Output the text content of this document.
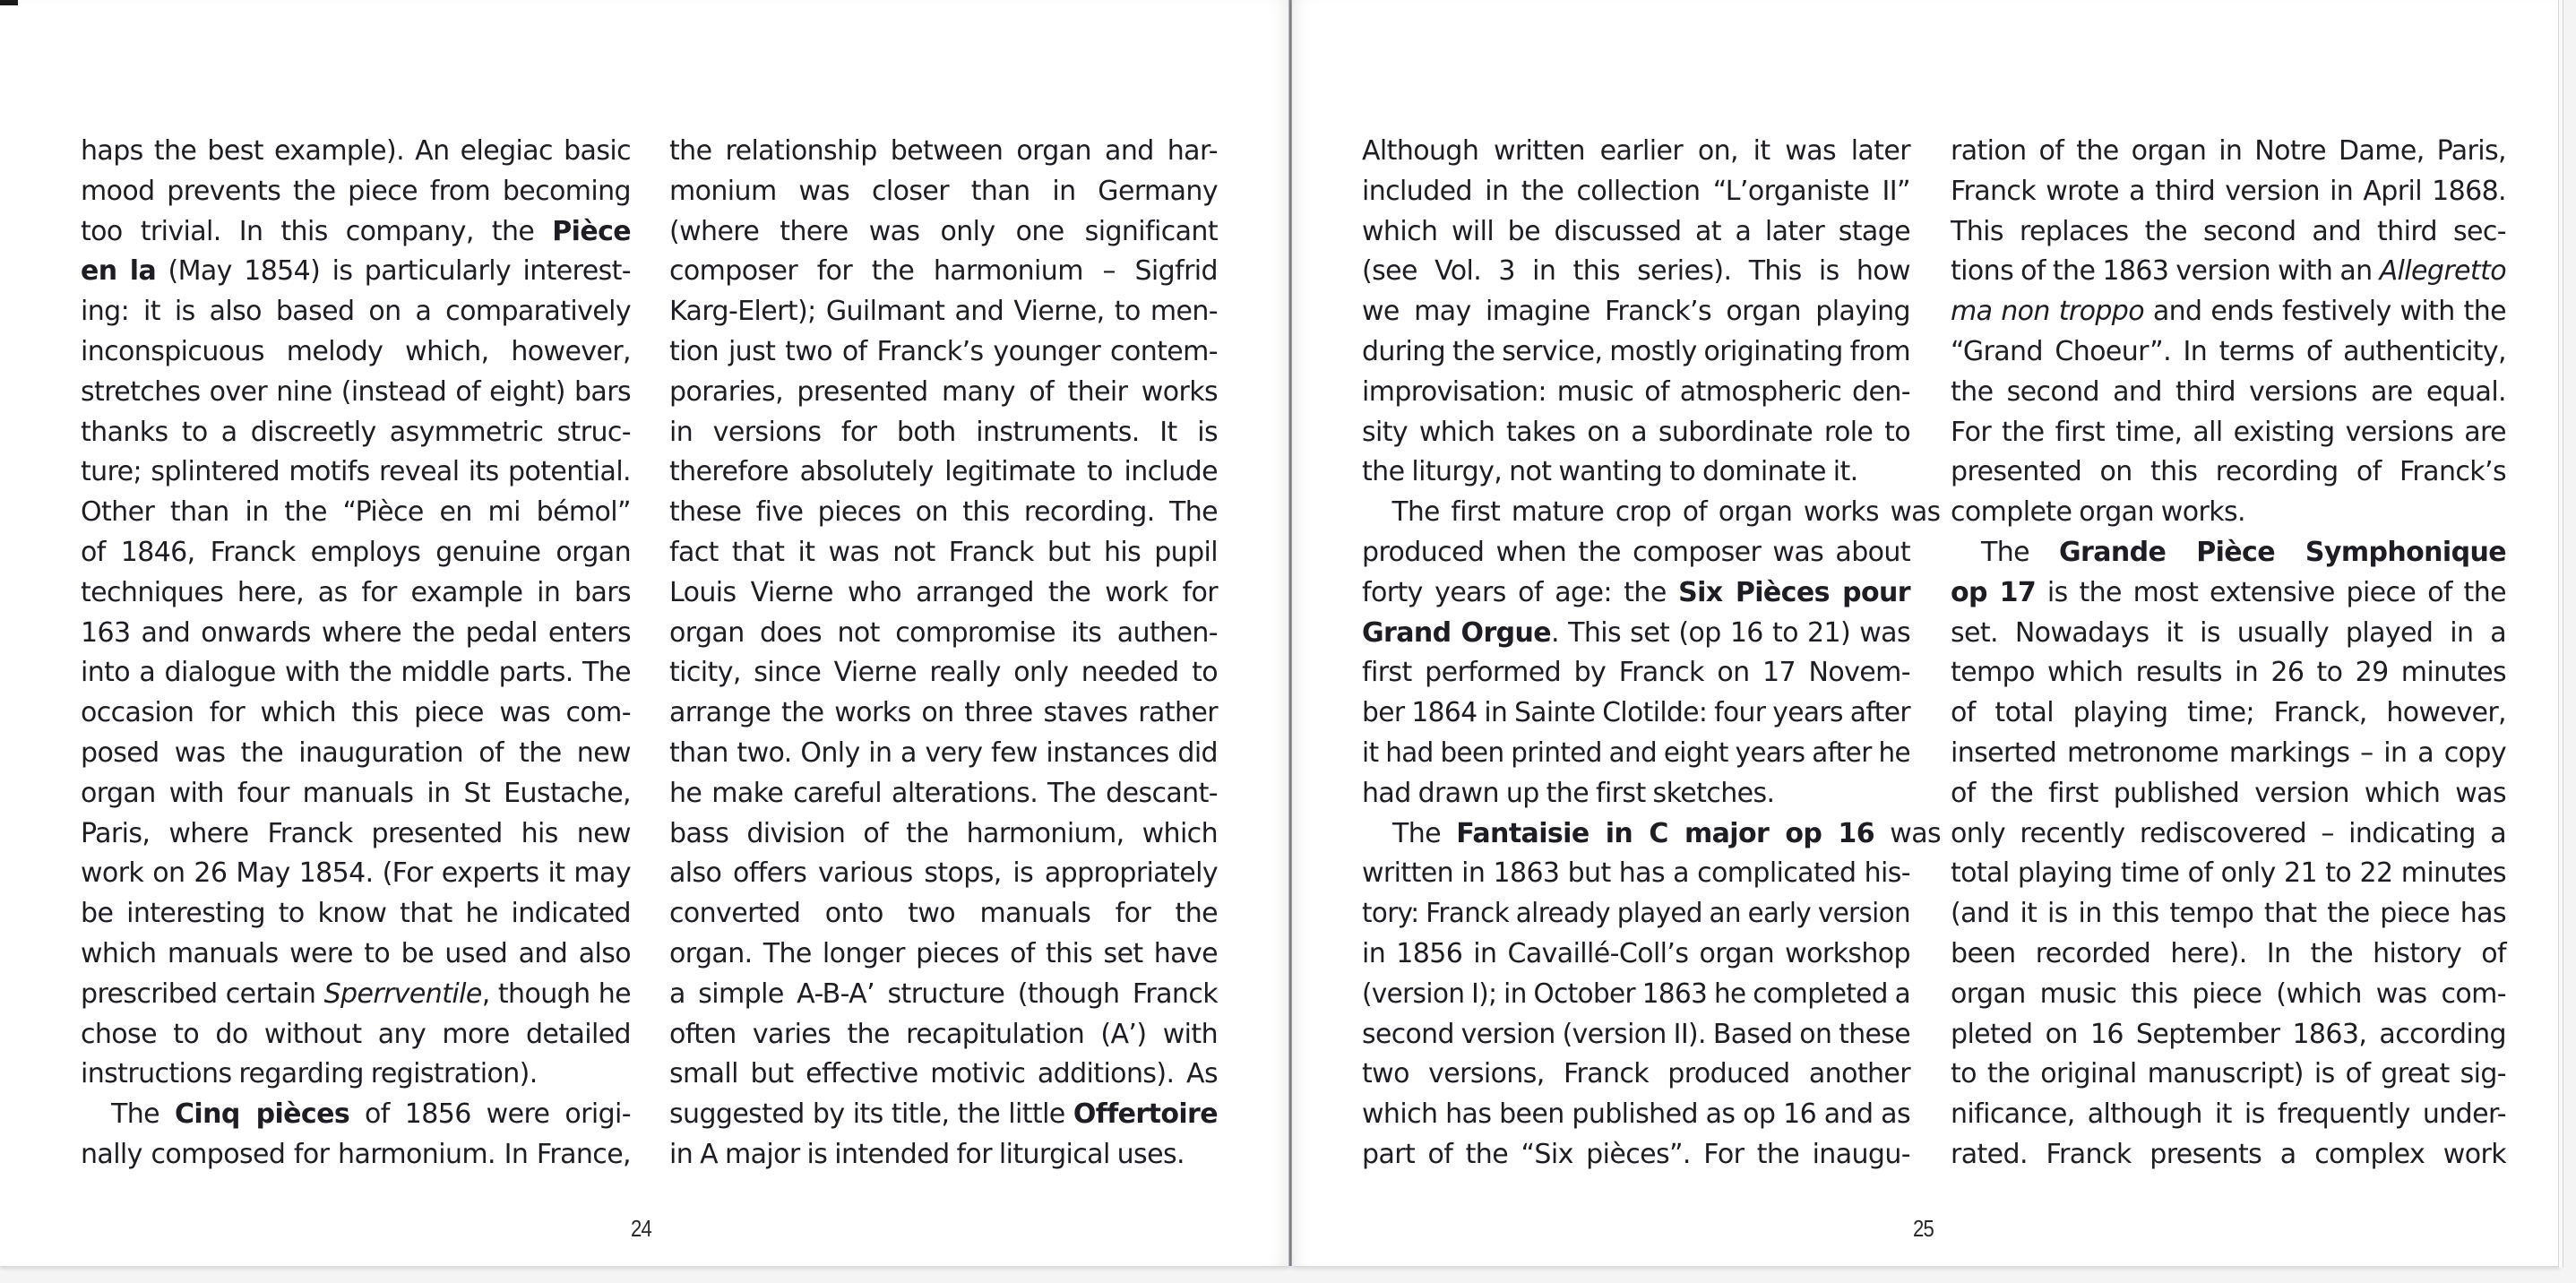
haps the best example). An elegiac basic
mood prevents the piece from becoming
too trivial. In this company, the Pièce
en la (May 1854) is particularly interest-
ing: it is also based on a comparatively
inconspicuous melody which, however,
stretches over nine (instead of eight) bars
thanks to a discreetly asymmetric struc-
ture; splintered motifs reveal its potential.
Other than in the “Pièce en mi bémol”
of 1846, Franck employs genuine organ
techniques here, as for example in bars
163 and onwards where the pedal enters
into a dialogue with the middle parts. The
occasion for which this piece was com-
posed was the inauguration of the new
organ with four manuals in St Eustache,
Paris, where Franck presented his new
work on 26 May 1854. (For experts it may
be interesting to know that he indicated
which manuals were to be used and also
prescribed certain Sperrventile, though he
chose to do without any more detailed
instructions regarding registration).
The Cinq pièces of 1856 were origi-
nally composed for harmonium. In France,
the relationship between organ and har-
monium was closer than in Germany
(where there was only one significant
composer for the harmonium – Sigfrid
Karg-Elert); Guilmant and Vierne, to men-
tion just two of Franck’s younger contem-
poraries, presented many of their works
in versions for both instruments. It is
therefore absolutely legitimate to include
these five pieces on this recording. The
fact that it was not Franck but his pupil
Louis Vierne who arranged the work for
organ does not compromise its authen-
ticity, since Vierne really only needed to
arrange the works on three staves rather
than two. Only in a very few instances did
he make careful alterations. The descant-
bass division of the harmonium, which
also offers various stops, is appropriately
converted onto two manuals for the
organ. The longer pieces of this set have
a simple A-B-A’ structure (though Franck
often varies the recapitulation (A’) with
small but effective motivic additions). As
suggested by its title, the little Offertoire
in A major is intended for liturgical uses.
24
Although written earlier on, it was later
included in the collection “L’organiste II”
which will be discussed at a later stage
(see Vol. 3 in this series). This is how
we may imagine Franck’s organ playing
during the service, mostly originating from
improvisation: music of atmospheric den-
sity which takes on a subordinate role to
the liturgy, not wanting to dominate it.
The first mature crop of organ works was
produced when the composer was about
forty years of age: the Six Pièces pour
Grand Orgue. This set (op 16 to 21) was
first performed by Franck on 17 Novem-
ber 1864 in Sainte Clotilde: four years after
it had been printed and eight years after he
had drawn up the first sketches.
The Fantaisie in C major op 16 was
written in 1863 but has a complicated his-
tory: Franck already played an early version
in 1856 in Cavaillé-Coll’s organ workshop
(version I); in October 1863 he completed a
second version (version II). Based on these
two versions, Franck produced another
which has been published as op 16 and as
part of the “Six pièces”. For the inaugu-
ration of the organ in Notre Dame, Paris,
Franck wrote a third version in April 1868.
This replaces the second and third sec-
tions of the 1863 version with an Allegretto
ma non troppo and ends festively with the
“Grand Choeur”. In terms of authenticity,
the second and third versions are equal.
For the first time, all existing versions are
presented on this recording of Franck’s
complete organ works.
The Grande Pièce Symphonique
op 17 is the most extensive piece of the
set. Nowadays it is usually played in a
tempo which results in 26 to 29 minutes
of total playing time; Franck, however,
inserted metronome markings – in a copy
of the first published version which was
only recently rediscovered – indicating a
total playing time of only 21 to 22 minutes
(and it is in this tempo that the piece has
been recorded here). In the history of
organ music this piece (which was com-
pleted on 16 September 1863, according
to the original manuscript) is of great sig-
nificance, although it is frequently under-
rated. Franck presents a complex work
25
